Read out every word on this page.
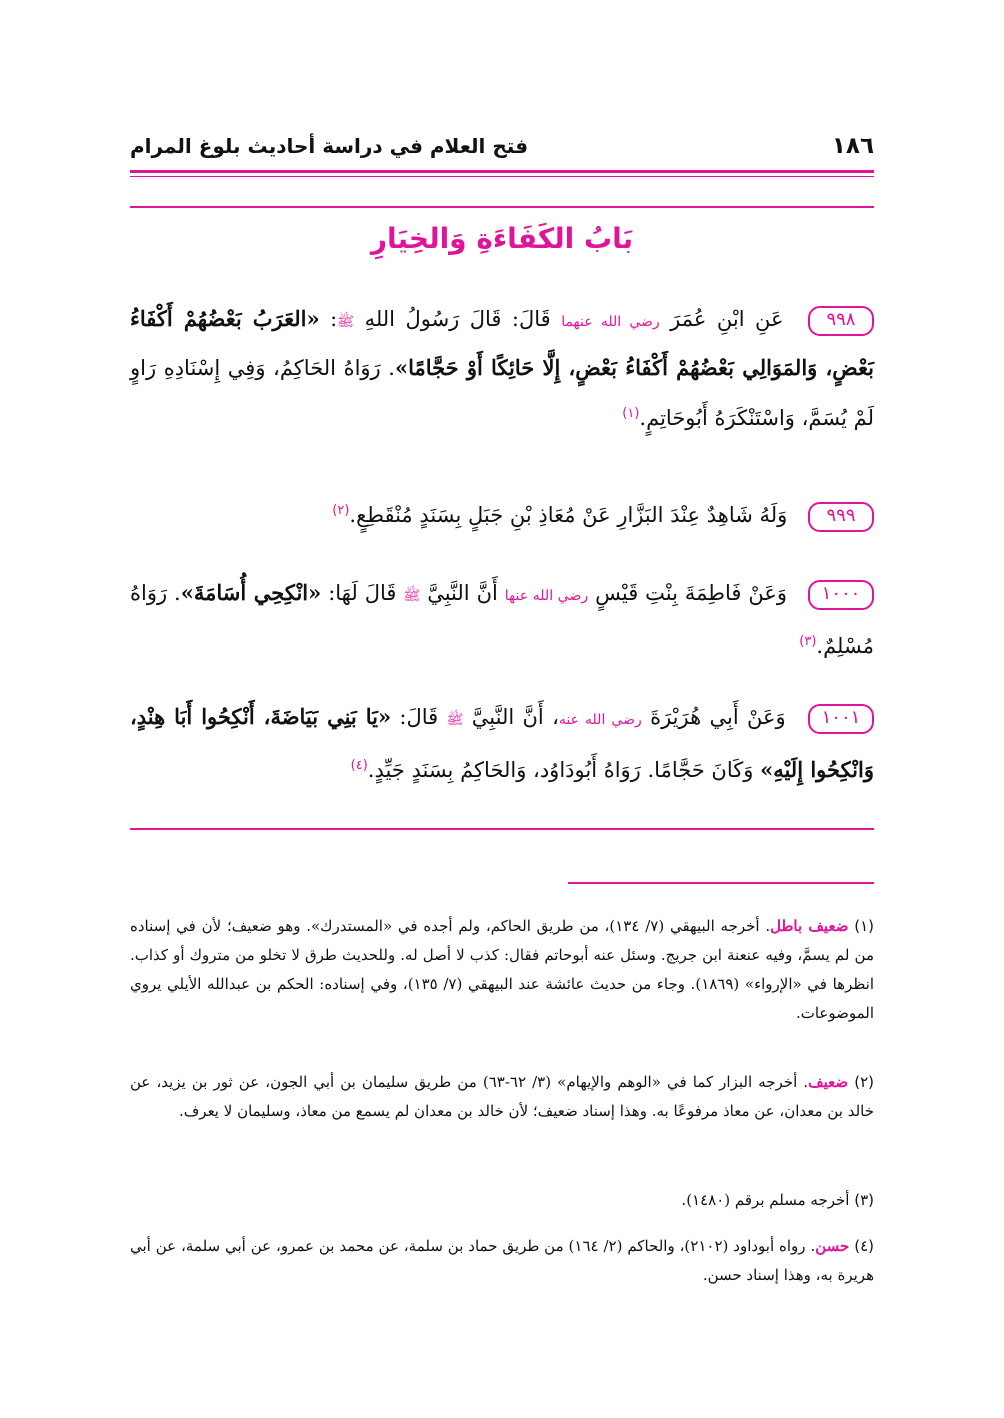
١٨٦
فتح العلام في دراسة أحاديث بلوغ المرام
بَابُ الكَفَاءَةِ وَالخِيَارِ
٩٩٨ عَنِ ابْنِ عُمَرَ رضي الله عنهما قَالَ: قَالَ رَسُولُ اللهِ ﷺ: «العَرَبُ بَعْضُهُمْ أَكْفَاءُ بَعْضٍ، وَالمَوَالِي بَعْضُهُمْ أَكْفَاءُ بَعْضٍ، إِلَّا حَائِكًا أَوْ حَجَّامًا». رَوَاهُ الحَاكِمُ، وَفِي إِسْنَادِهِ رَاوٍ لَمْ يُسَمَّ، وَاسْتَنْكَرَهُ أَبُوحَاتِمٍ.$^{(١)}$
٩٩٩ وَلَهُ شَاهِدٌ عِنْدَ البَزَّارِ عَنْ مُعَاذِ بْنِ جَبَلٍ بِسَنَدٍ مُنْقَطِعٍ.$^{(٢)}$
١٠٠٠ وَعَنْ فَاطِمَةَ بِنْتِ قَيْسٍ رضي الله عنها أَنَّ النَّبِيَّ ﷺ قَالَ لَهَا: «انْكِحِي أُسَامَةَ». رَوَاهُ مُسْلِمٌ.$^{(٣)}$
١٠٠١ وَعَنْ أَبِي هُرَيْرَةَ رضي الله عنه، أَنَّ النَّبِيَّ ﷺ قَالَ: «يَا بَنِي بَيَاضَةَ، أَنْكِحُوا أَبَا هِنْدٍ، وَانْكِحُوا إِلَيْهِ» وَكَانَ حَجَّامًا. رَوَاهُ أَبُودَاوُد، وَالحَاكِمُ بِسَنَدٍ جَيِّدٍ.$^{(٤)}$
(١) ضعيف باطل. أخرجه البيهقي (٧/ ١٣٤)، من طريق الحاكم، ولم أجده في «المستدرك». وهو ضعيف؛ لأن في إسناده من لم يسمَّ، وفيه عنعنة ابن جريج. وسئل عنه أبوحاتم فقال: كذب لا أصل له. وللحديث طرق لا تخلو من متروك أو كذاب. انظرها في «الإرواء» (١٨٦٩). وجاء من حديث عائشة عند البيهقي (٧/ ١٣٥)، وفي إسناده: الحكم بن عبدالله الأيلي يروي الموضوعات.
(٢) ضعيف. أخرجه البزار كما في «الوهم والإيهام» (٣/ ٦٢-٦٣) من طريق سليمان بن أبي الجون، عن ثور بن يزيد، عن خالد بن معدان، عن معاذ مرفوعًا به. وهذا إسناد ضعيف؛ لأن خالد بن معدان لم يسمع من معاذ، وسليمان لا يعرف.
(٣) أخرجه مسلم برقم (١٤٨٠).
(٤) حسن. رواه أبوداود (٢١٠٢)، والحاكم (٢/ ١٦٤) من طريق حماد بن سلمة، عن محمد بن عمرو، عن أبي سلمة، عن أبي هريرة به، وهذا إسناد حسن.
